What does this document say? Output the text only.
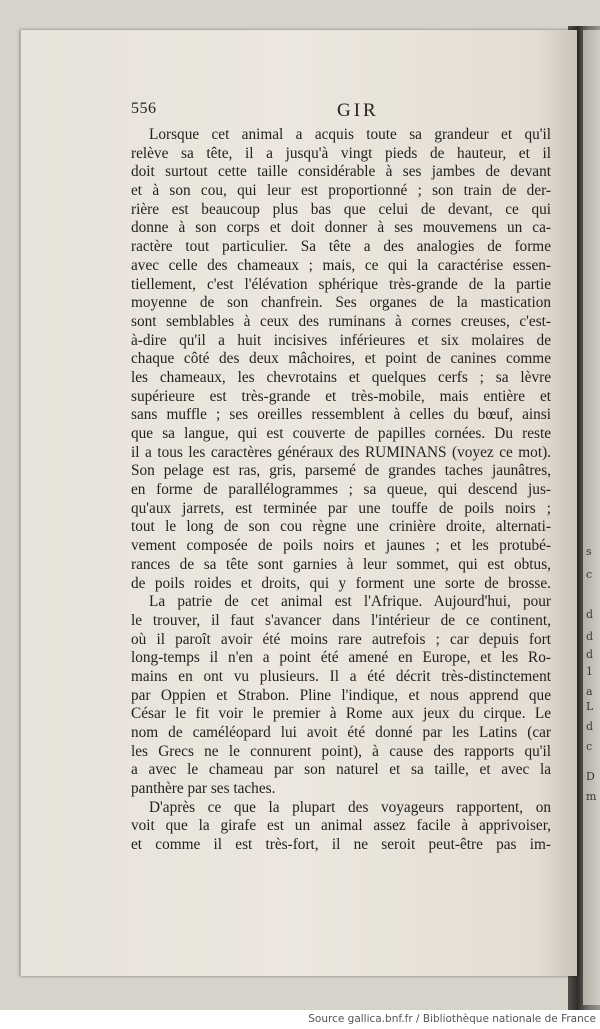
s
c
d
d
d
1
a
L
d
c
D
m
556	GIR
Lorsque cet animal a acquis toute sa grandeur et qu'il
relève sa tête, il a jusqu'à vingt pieds de hauteur, et il
doit surtout cette taille considérable à ses jambes de devant
et à son cou, qui leur est proportionné ; son train de der-
rière est beaucoup plus bas que celui de devant, ce qui
donne à son corps et doit donner à ses mouvemens un ca-
ractère tout particulier. Sa tête a des analogies de forme
avec celle des chameaux ; mais, ce qui la caractérise essen-
tiellement, c'est l'élévation sphérique très-grande de la partie
moyenne de son chanfrein. Ses organes de la mastication
sont semblables à ceux des ruminans à cornes creuses, c'est-
à-dire qu'il a huit incisives inférieures et six molaires de
chaque côté des deux mâchoires, et point de canines comme
les chameaux, les chevrotains et quelques cerfs ; sa lèvre
supérieure est très-grande et très-mobile, mais entière et
sans muffle ; ses oreilles ressemblent à celles du bœuf, ainsi
que sa langue, qui est couverte de papilles cornées. Du reste
il a tous les caractères généraux des RUMINANS (voyez ce mot).
Son pelage est ras, gris, parsemé de grandes taches jaunâtres,
en forme de parallélogrammes ; sa queue, qui descend jus-
qu'aux jarrets, est terminée par une touffe de poils noirs ;
tout le long de son cou règne une crinière droite, alternati-
vement composée de poils noirs et jaunes ; et les protubé-
rances de sa tête sont garnies à leur sommet, qui est obtus,
de poils roides et droits, qui y forment une sorte de brosse.
La patrie de cet animal est l'Afrique. Aujourd'hui, pour
le trouver, il faut s'avancer dans l'intérieur de ce continent,
où il paroît avoir été moins rare autrefois ; car depuis fort
long-temps il n'en a point été amené en Europe, et les Ro-
mains en ont vu plusieurs. Il a été décrit très-distinctement
par Oppien et Strabon. Pline l'indique, et nous apprend que
César le fit voir le premier à Rome aux jeux du cirque. Le
nom de caméléopard lui avoit été donné par les Latins (car
les Grecs ne le connurent point), à cause des rapports qu'il
a avec le chameau par son naturel et sa taille, et avec la
panthère par ses taches.
D'après ce que la plupart des voyageurs rapportent, on
voit que la girafe est un animal assez facile à apprivoiser,
et comme il est très-fort, il ne seroit peut-être pas im-
Source gallica.bnf.fr / Bibliothèque nationale de France
